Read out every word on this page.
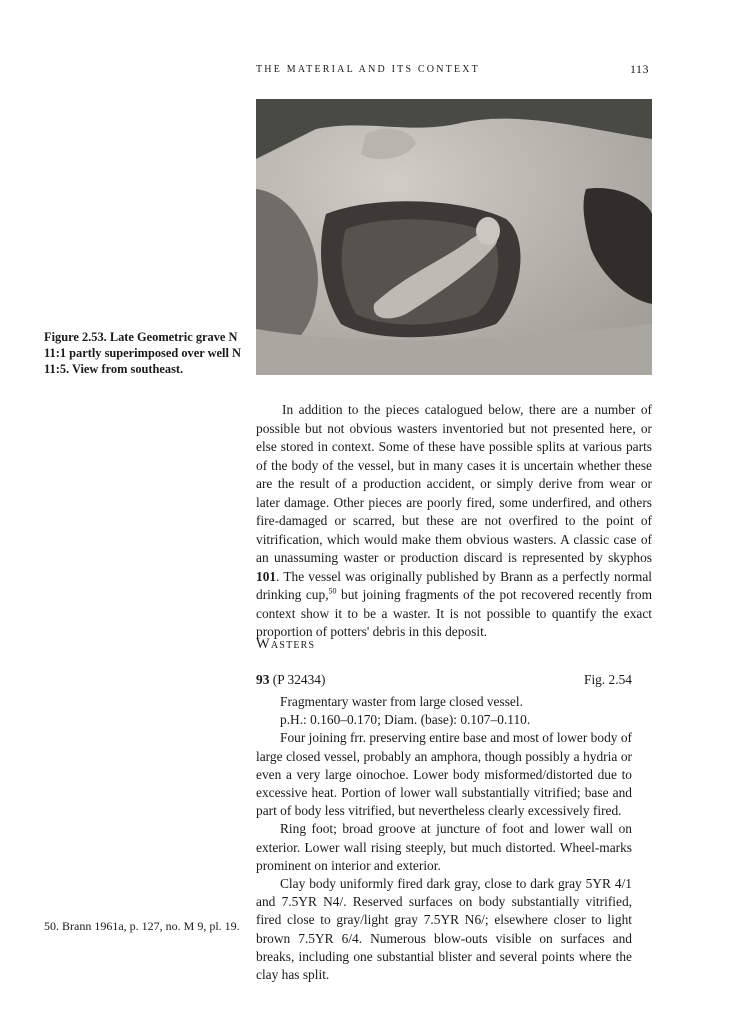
THE MATERIAL AND ITS CONTEXT	113
Figure 2.53. Late Geometric grave N 11:1 partly superimposed over well N 11:5. View from southeast.

In addition to the pieces catalogued below, there are a number of possible but not obvious wasters inventoried but not presented here, or else stored in context. Some of these have possible splits at various parts of the body of the vessel, but in many cases it is uncertain whether these are the result of a production accident, or simply derive from wear or later damage. Other pieces are poorly fired, some underfired, and others fire-damaged or scarred, but these are not overfired to the point of vitrification, which would make them obvious wasters. A classic case of an unassuming waster or production discard is represented by skyphos 101. The vessel was originally published by Brann as a perfectly normal drinking cup,$^{50}$ but joining fragments of the pot recovered recently from context show it to be a waster. It is not possible to quantify the exact proportion of potters' debris in this deposit.

Wasters
93 (P 32434)	Fig. 2.54

Fragmentary waster from large closed vessel.

p.H.: 0.160–0.170; Diam. (base): 0.107–0.110.

Four joining frr. preserving entire base and most of lower body of large closed vessel, probably an amphora, though possibly a hydria or even a very large oinochoe. Lower body misformed/distorted due to excessive heat. Portion of lower wall substantially vitrified; base and part of body less vitrified, but nevertheless clearly excessively fired.

Ring foot; broad groove at juncture of foot and lower wall on exterior. Lower wall rising steeply, but much distorted. Wheel-marks prominent on interior and exterior.

Clay body uniformly fired dark gray, close to dark gray 5YR 4/1 and 7.5YR N4/. Reserved surfaces on body substantially vitrified, fired close to gray/light gray 7.5YR N6/; elsewhere closer to light brown 7.5YR 6/4. Numerous blow-outs visible on surfaces and breaks, including one substantial blister and several points where the clay has split.

50. Brann 1961a, p. 127, no. M 9, pl. 19.
